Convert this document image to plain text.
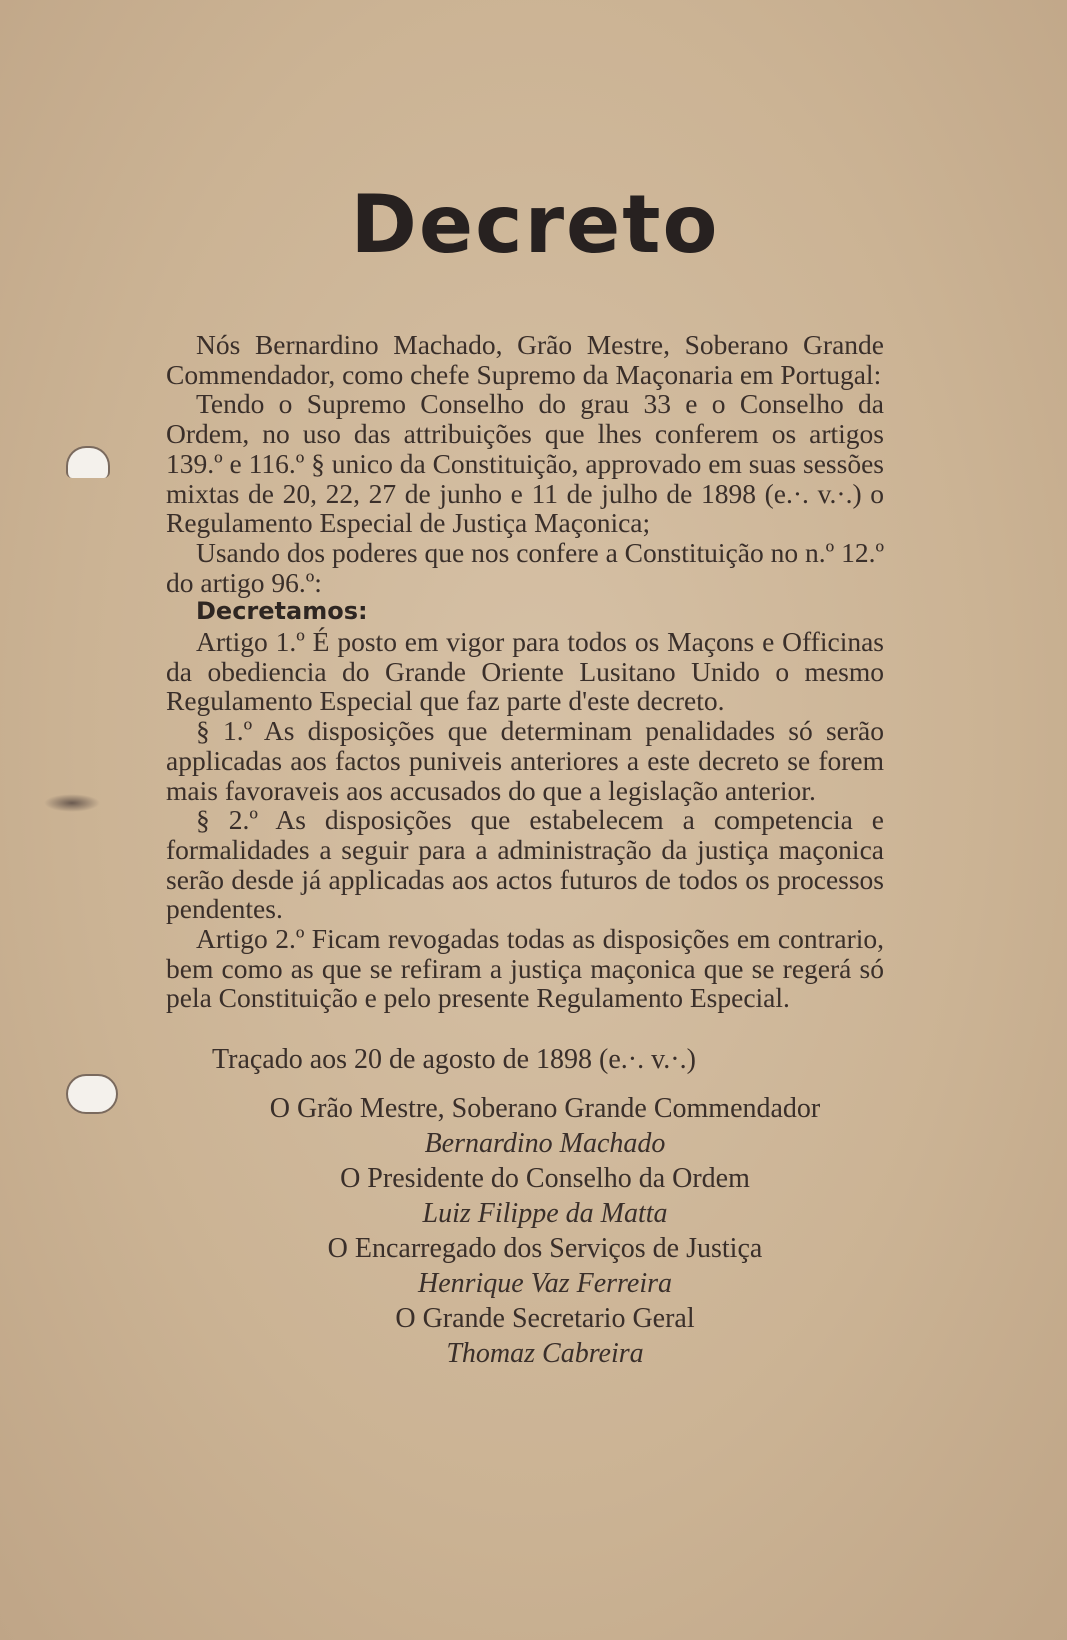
Decreto

Nós Bernardino Machado, Grão Mestre, Soberano Grande Commendador, como chefe Supremo da Maçonaria em Portugal:

Tendo o Supremo Conselho do grau 33 e o Conselho da Ordem, no uso das attribuições que lhes conferem os artigos 139.º e 116.º § unico da Constituição, approvado em suas sessões mixtas de 20, 22, 27 de junho e 11 de julho de 1898 (e.·. v.·.) o Regulamento Especial de Justiça Maçonica;

Usando dos poderes que nos confere a Constituição no n.º 12.º do artigo 96.º:

Decretamos:

Artigo 1.º É posto em vigor para todos os Maçons e Officinas da obediencia do Grande Oriente Lusitano Unido o mesmo Regulamento Especial que faz parte d'este decreto.

§ 1.º As disposições que determinam penalidades só serão applicadas aos factos puniveis anteriores a este decreto se forem mais favoraveis aos accusados do que a legislação anterior.

§ 2.º As disposições que estabelecem a competencia e formalidades a seguir para a administração da justiça maçonica serão desde já applicadas aos actos futuros de todos os processos pendentes.

Artigo 2.º Ficam revogadas todas as disposições em contrario, bem como as que se refiram a justiça maçonica que se regerá só pela Constituição e pelo presente Regulamento Especial.

Traçado aos 20 de agosto de 1898 (e.·. v.·.)
O Grão Mestre, Soberano Grande Commendador
Bernardino Machado
O Presidente do Conselho da Ordem
Luiz Filippe da Matta
O Encarregado dos Serviços de Justiça
Henrique Vaz Ferreira
O Grande Secretario Geral
Thomaz Cabreira
